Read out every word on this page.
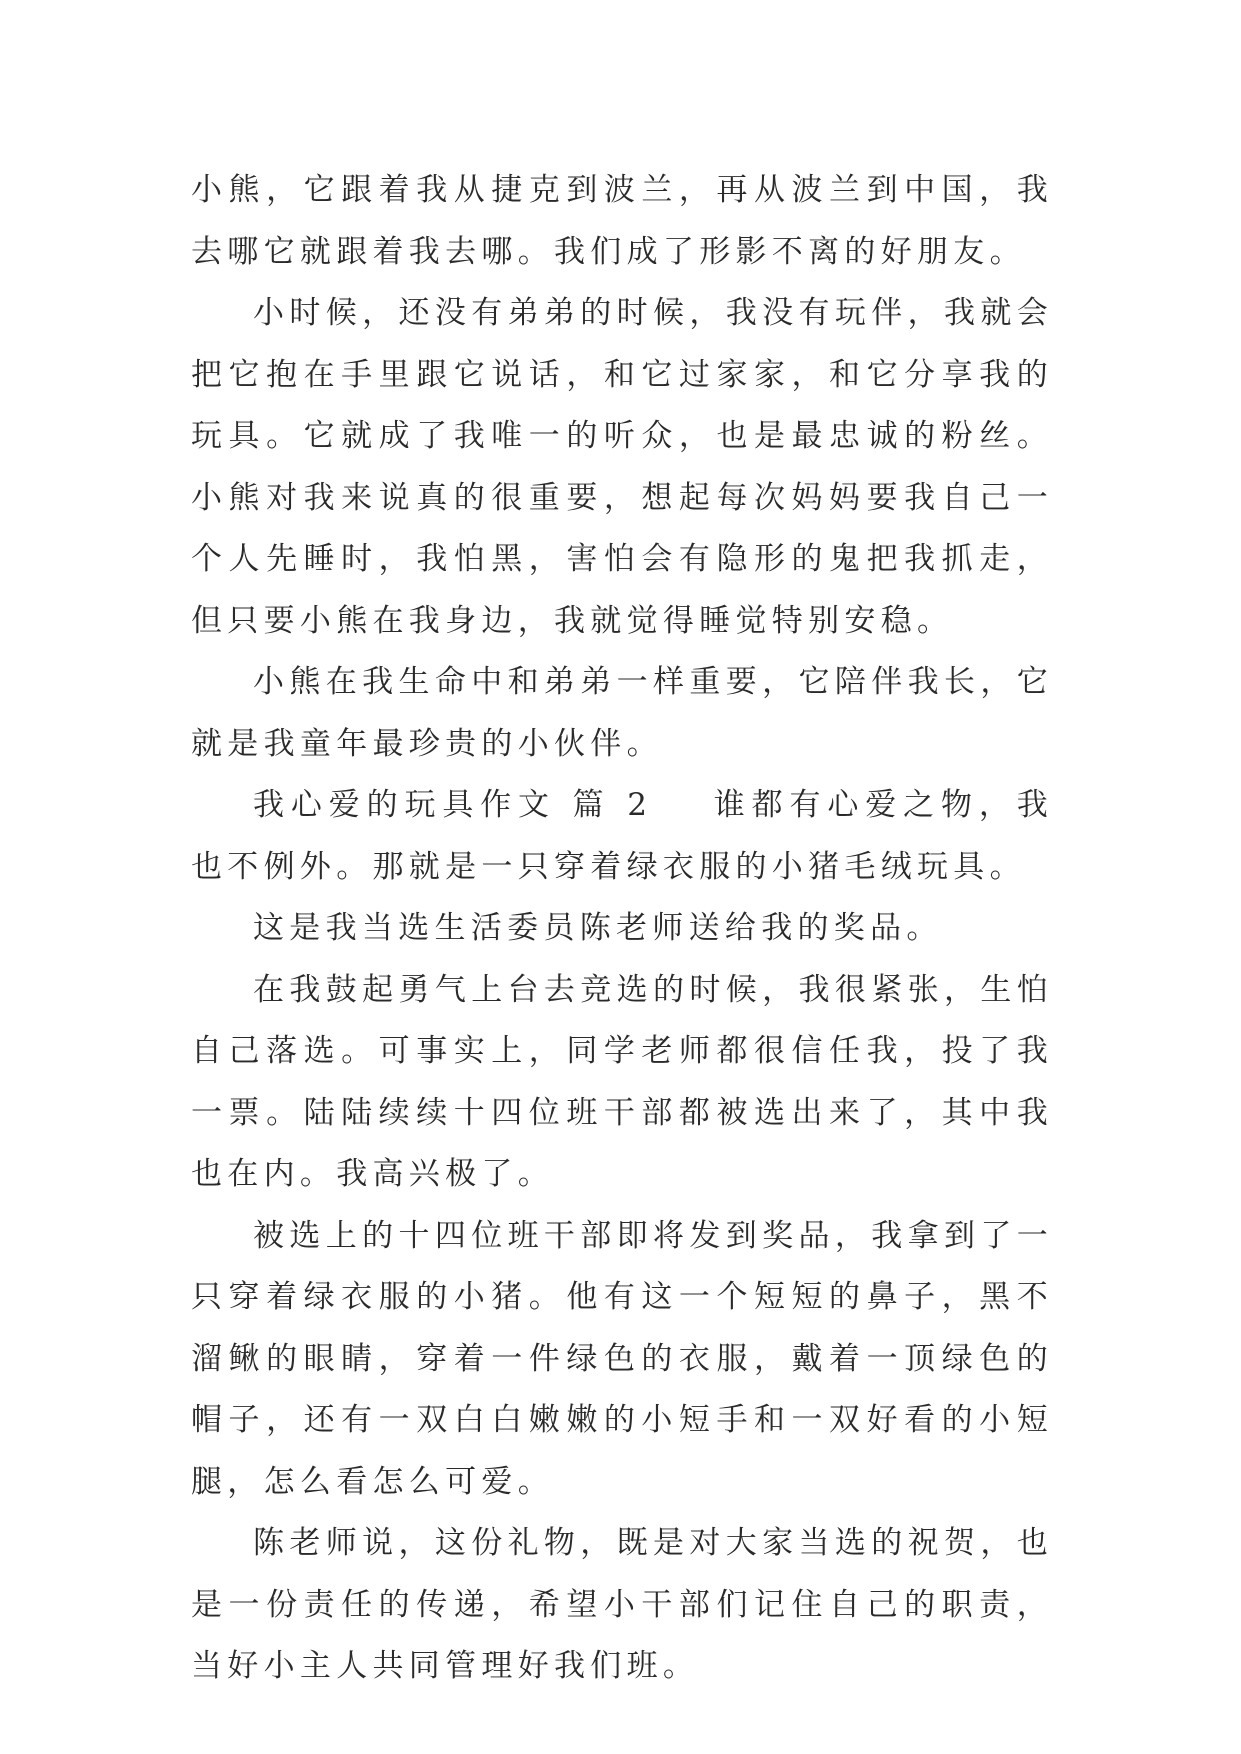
小熊，它跟着我从捷克到波兰，再从波兰到中国，我去哪它就跟着我去哪。我们成了形影不离的好朋友。

小时候，还没有弟弟的时候，我没有玩伴，我就会把它抱在手里跟它说话，和它过家家，和它分享我的玩具。它就成了我唯一的听众，也是最忠诚的粉丝。小熊对我来说真的很重要，想起每次妈妈要我自己一个人先睡时，我怕黑，害怕会有隐形的鬼把我抓走，但只要小熊在我身边，我就觉得睡觉特别安稳。

小熊在我生命中和弟弟一样重要，它陪伴我长，它就是我童年最珍贵的小伙伴。

我心爱的玩具作文 篇 2 谁都有心爱之物，我也不例外。那就是一只穿着绿衣服的小猪毛绒玩具。

这是我当选生活委员陈老师送给我的奖品。

在我鼓起勇气上台去竞选的时候，我很紧张，生怕自己落选。可事实上，同学老师都很信任我，投了我一票。陆陆续续十四位班干部都被选出来了，其中我也在内。我高兴极了。

被选上的十四位班干部即将发到奖品，我拿到了一只穿着绿衣服的小猪。他有这一个短短的鼻子，黑不溜鳅的眼睛，穿着一件绿色的衣服，戴着一顶绿色的帽子，还有一双白白嫩嫩的小短手和一双好看的小短腿，怎么看怎么可爱。

陈老师说，这份礼物，既是对大家当选的祝贺，也是一份责任的传递，希望小干部们记住自己的职责，当好小主人共同管理好我们班。
